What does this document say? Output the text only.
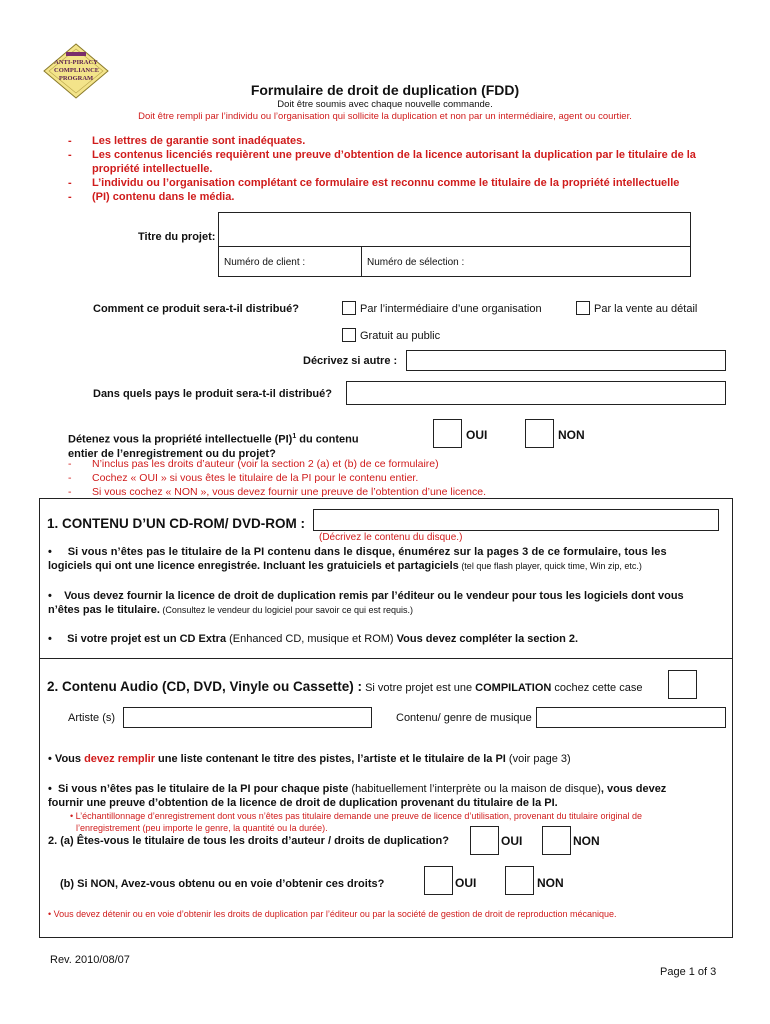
ANTI-PIRACY COMPLIANCE PROGRAM
Formulaire de droit de duplication (FDD)
Doit être soumis avec chaque nouvelle commande.
Doit être rempli par l’individu ou l’organisation qui sollicite la duplication et non par un intermédiaire, agent ou courtier.
- Les lettres de garantie sont inadéquates.
- Les contenus licenciés requièrent une preuve d’obtention de la licence autorisant la duplication par le titulaire de la
propriété intellectuelle.
- L’individu ou l’organisation complétant ce formulaire est reconnu comme le titulaire de la propriété intellectuelle
- (PI) contenu dans le média.
Titre du projet:
Numéro de client :	Numéro de sélection :
Comment ce produit sera-t-il distribué?	Par l’intermédiaire d’une organisation	Par la vente au détail
Gratuit au public
Décrivez si autre :
Dans quels pays le produit sera-t-il distribué?
Détenez vous la propriété intellectuelle (PI)$^1$ du contenu
entier de l’enregistrement ou du projet?
OUI	NON
- N’inclus pas les droits d’auteur (voir la section 2 (a) et (b) de ce formulaire)
- Cochez « OUI » si vous êtes le titulaire de la PI pour le contenu entier.
- Si vous cochez « NON », vous devez fournir une preuve de l’obtention d’une licence.
1. CONTENU D’UN CD-ROM/ DVD-ROM :
(Décrivez le contenu du disque.)
•     Si vous n’êtes pas le titulaire de la PI contenu dans le disque, énumérez sur la pages 3 de ce formulaire, tous les
logiciels qui ont une licence enregistrée. Incluant les gratuiciels et partagiciels (tel que flash player, quick time, Win zip, etc.)
•    Vous devez fournir la licence de droit de duplication remis par l’éditeur ou le vendeur pour tous les logiciels dont vous
n’êtes pas le titulaire. (Consultez le vendeur du logiciel pour savoir ce qui est requis.)
•     Si votre projet est un CD Extra (Enhanced CD, musique et ROM) Vous devez compléter la section 2.
2. Contenu Audio (CD, DVD, Vinyle ou Cassette) : Si votre projet est une COMPILATION cochez cette case
Artiste (s)	Contenu/ genre de musique
• Vous devez remplir une liste contenant le titre des pistes, l’artiste et le titulaire de la PI (voir page 3)
•  Si vous n’êtes pas le titulaire de la PI pour chaque piste (habituellement l’interprète ou la maison de disque), vous devez
fournir une preuve d’obtention de la licence de droit de duplication provenant du titulaire de la PI.
• L’échantillonnage d’enregistrement dont vous n’êtes pas titulaire demande une preuve de licence d’utilisation, provenant du titulaire original de
l’enregistrement (peu importe le genre, la quantité ou la durée).
2. (a) Êtes-vous le titulaire de tous les droits d’auteur / droits de duplication?	OUI	NON
(b) Si NON, Avez-vous obtenu ou en voie d’obtenir ces droits?	OUI	NON
• Vous devez détenir ou en voie d’obtenir les droits de duplication par l’éditeur ou par la société de gestion de droit de reproduction mécanique.
Rev. 2010/08/07
Page 1 of 3
